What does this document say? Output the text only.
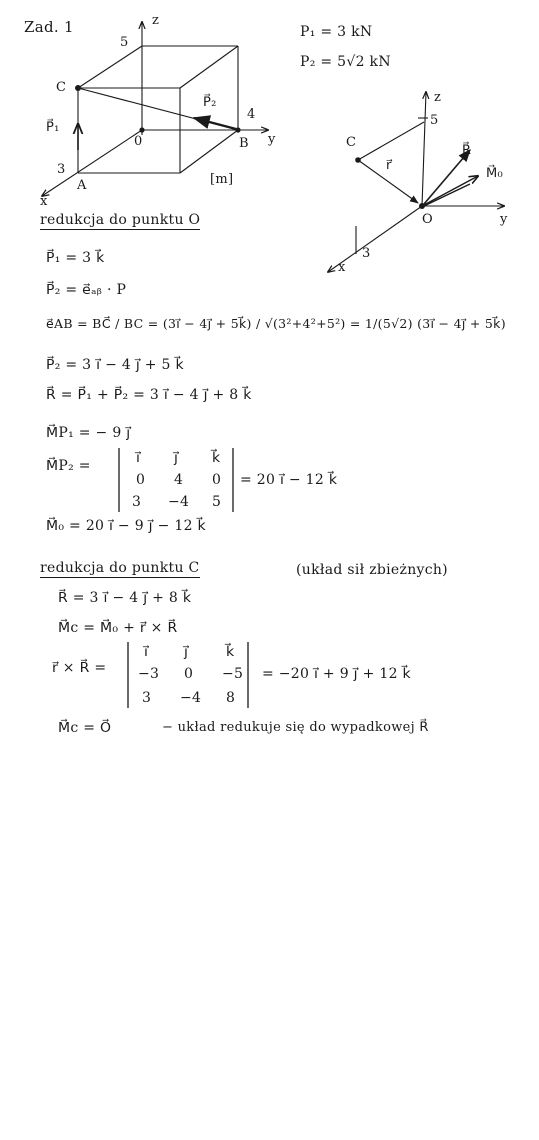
Zad. 1	P₁ = 3 kN
P₂ = 5√2 kN
z
5
C
P⃗₂
4
P⃗₁
0	B y
3
[m]
A
x
z
5
C
R⃗
r⃗
M⃗₀
O	y
3
x
redukcja do punktu O
P⃗₁ = 3 k⃗
P⃗₂ = e⃗ₐᵦ · P
e⃗AB = BC⃗ / BC = (3i⃗ − 4j⃗ + 5k⃗) / √(3²+4²+5²) = 1/(5√2) (3i⃗ − 4j⃗ + 5k⃗)
P⃗₂ = 3 i⃗ − 4 j⃗ + 5 k⃗
R⃗ = P⃗₁ + P⃗₂ = 3 i⃗ − 4 j⃗ + 8 k⃗
M⃗P₁ = − 9 j⃗
M⃗P₂ =	i⃗ j⃗ k⃗
0 4 0
3 −4 5
= 20 i⃗ − 12 k⃗
M⃗₀ = 20 i⃗ − 9 j⃗ − 12 k⃗
redukcja do punktu C	(układ sił zbieżnych)
R⃗ = 3 i⃗ − 4 j⃗ + 8 k⃗
M⃗c = M⃗₀ + r⃗ × R⃗
r⃗ × R⃗ =
i⃗	j⃗	k⃗
−3 0 −5
3 −4 8
= −20 i⃗ + 9 j⃗ + 12 k⃗
M⃗c = O⃗	− układ redukuje się do wypadkowej R⃗
